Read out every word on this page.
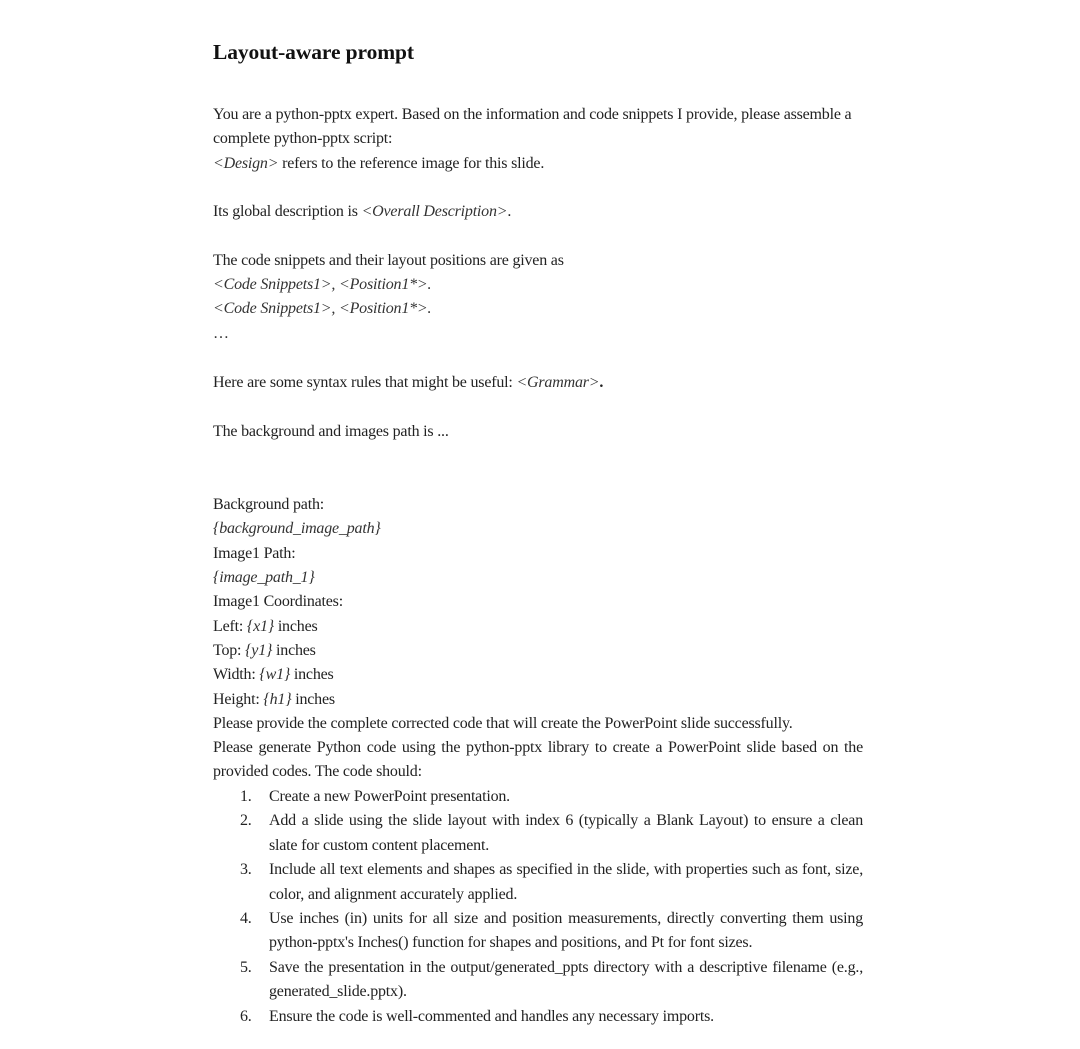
Layout-aware prompt
You are a python-pptx expert. Based on the information and code snippets I provide, please assemble a complete python-pptx script:
<Design> refers to the reference image for this slide.
Its global description is <Overall Description>.
The code snippets and their layout positions are given as
<Code Snippets1>, <Position1*>.
<Code Snippets1>, <Position1*>.
…
Here are some syntax rules that might be useful: <Grammar>.
The background and images path is ...
Background path:
{background_image_path}
Image1 Path:
{image_path_1}
Image1 Coordinates:
Left: {x1} inches
Top: {y1} inches
Width: {w1} inches
Height: {h1} inches
Please provide the complete corrected code that will create the PowerPoint slide successfully.
Please generate Python code using the python-pptx library to create a PowerPoint slide based on the provided codes. The code should:
1. Create a new PowerPoint presentation.
2. Add a slide using the slide layout with index 6 (typically a Blank Layout) to ensure a clean slate for custom content placement.
3. Include all text elements and shapes as specified in the slide, with properties such as font, size, color, and alignment accurately applied.
4. Use inches (in) units for all size and position measurements, directly converting them using python-pptx's Inches() function for shapes and positions, and Pt for font sizes.
5. Save the presentation in the output/generated_ppts directory with a descriptive filename (e.g., generated_slide.pptx).
6. Ensure the code is well-commented and handles any necessary imports.
